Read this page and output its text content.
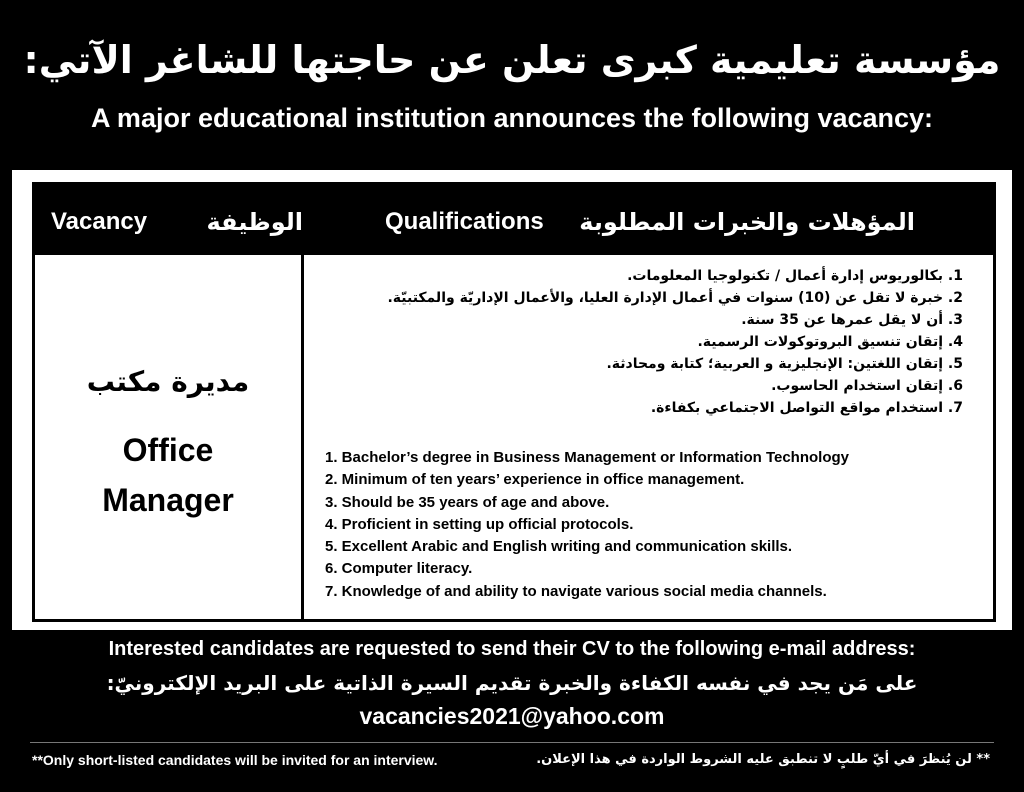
مؤسسة تعليمية كبرى تعلن عن حاجتها للشاغر الآتي:
A major educational institution announces the following vacancy:
Vacancy الوظيفة	Qualifications المؤهلات والخبرات المطلوبة
مديرة مكتب
Office
Manager
1. بكالوريوس إدارة أعمال / تكنولوجيا المعلومات.
2. خبرة لا تقل عن (10) سنوات في أعمال الإدارة العليا، والأعمال الإداريّة والمكتبيّة.
3. أن لا يقل عمرها عن 35 سنة.
4. إتقان تنسيق البروتوكولات الرسمية.
5. إتقان اللغتين: الإنجليزية و العربية؛ كتابة ومحادثة.
6. إتقان استخدام الحاسوب.
7. استخدام مواقع التواصل الاجتماعي بكفاءة.
1. Bachelor’s degree in Business Management or Information Technology
2. Minimum of ten years’ experience in office management.
3. Should be 35 years of age and above.
4. Proficient in setting up official protocols.
5. Excellent Arabic and English writing and communication skills.
6. Computer literacy.
7. Knowledge of and ability to navigate various social media channels.
Interested candidates are requested to send their CV to the following e-mail address:
على مَن يجد في نفسه الكفاءة والخبرة تقديم السيرة الذاتية على البريد الإلكترونيّ:
vacancies2021@yahoo.com
**Only short-listed candidates will be invited for an interview.	** لن يُنظرَ في أيّ طلبٍ لا تنطبق عليه الشروط الواردة في هذا الإعلان.
